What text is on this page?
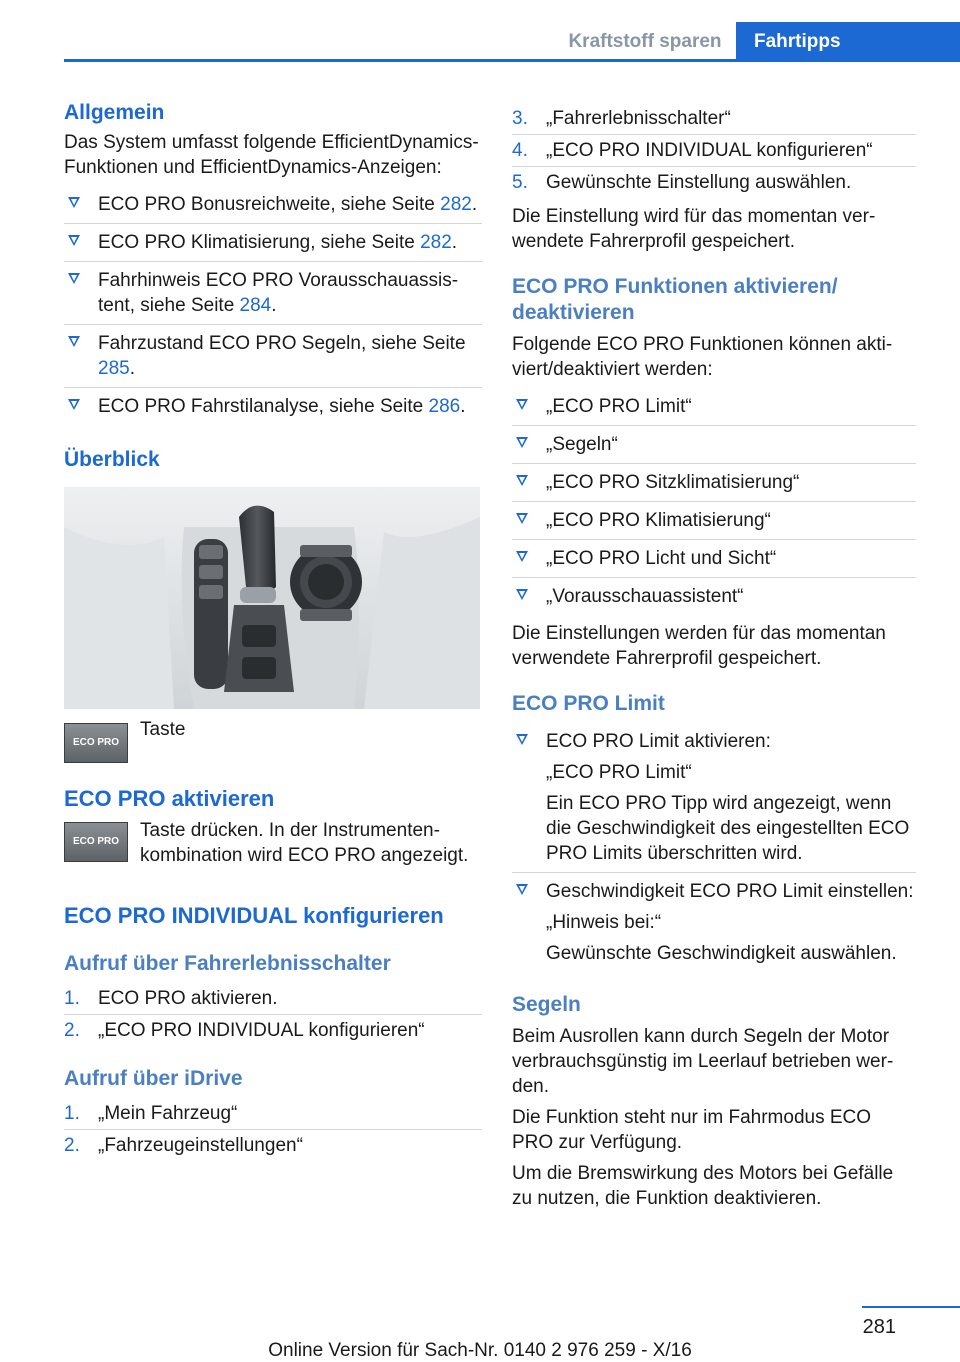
Kraftstoff sparen	Fahrtipps
Allgemein

Das System umfasst folgende EfficientDynamics-Funktionen und EfficientDynamics-Anzeigen:

ECO PRO Bonusreichweite, siehe Seite 282.
ECO PRO Klimatisierung, siehe Seite 282.
Fahrhinweis ECO PRO Vorausschauassistent, siehe Seite 284.
Fahrzustand ECO PRO Segeln, siehe Seite 285.
ECO PRO Fahrstilanalyse, siehe Seite 286.
Überblick
ECO PRO
Taste
ECO PRO aktivieren
ECO PRO

Taste drücken. In der Instrumentenkombination wird ECO PRO angezeigt.

ECO PRO INDIVIDUAL konfigurieren
Aufruf über Fahrerlebnisschalter
1. ECO PRO aktivieren.
2. „ECO PRO INDIVIDUAL konfigurieren“
Aufruf über iDrive
1. „Mein Fahrzeug“
2. „Fahrzeugeinstellungen“
3. „Fahrerlebnisschalter“
4. „ECO PRO INDIVIDUAL konfigurieren“
5. Gewünschte Einstellung auswählen.

Die Einstellung wird für das momentan verwendete Fahrerprofil gespeichert.

ECO PRO Funktionen aktivieren/ deaktivieren

Folgende ECO PRO Funktionen können aktiviert/deaktiviert werden:

„ECO PRO Limit“
„Segeln“
„ECO PRO Sitzklimatisierung“
„ECO PRO Klimatisierung“
„ECO PRO Licht und Sicht“
„Vorausschauassistent“

Die Einstellungen werden für das momentan verwendete Fahrerprofil gespeichert.

ECO PRO Limit
ECO PRO Limit aktivieren:
„ECO PRO Limit“
Ein ECO PRO Tipp wird angezeigt, wenn die Geschwindigkeit des eingestellten ECO PRO Limits überschritten wird.
Geschwindigkeit ECO PRO Limit einstellen:
„Hinweis bei:“
Gewünschte Geschwindigkeit auswählen.
Segeln

Beim Ausrollen kann durch Segeln der Motor verbrauchsgünstig im Leerlauf betrieben werden.

Die Funktion steht nur im Fahrmodus ECO PRO zur Verfügung.

Um die Bremswirkung des Motors bei Gefälle zu nutzen, die Funktion deaktivieren.

281
Online Version für Sach-Nr. 0140 2 976 259 - X/16
